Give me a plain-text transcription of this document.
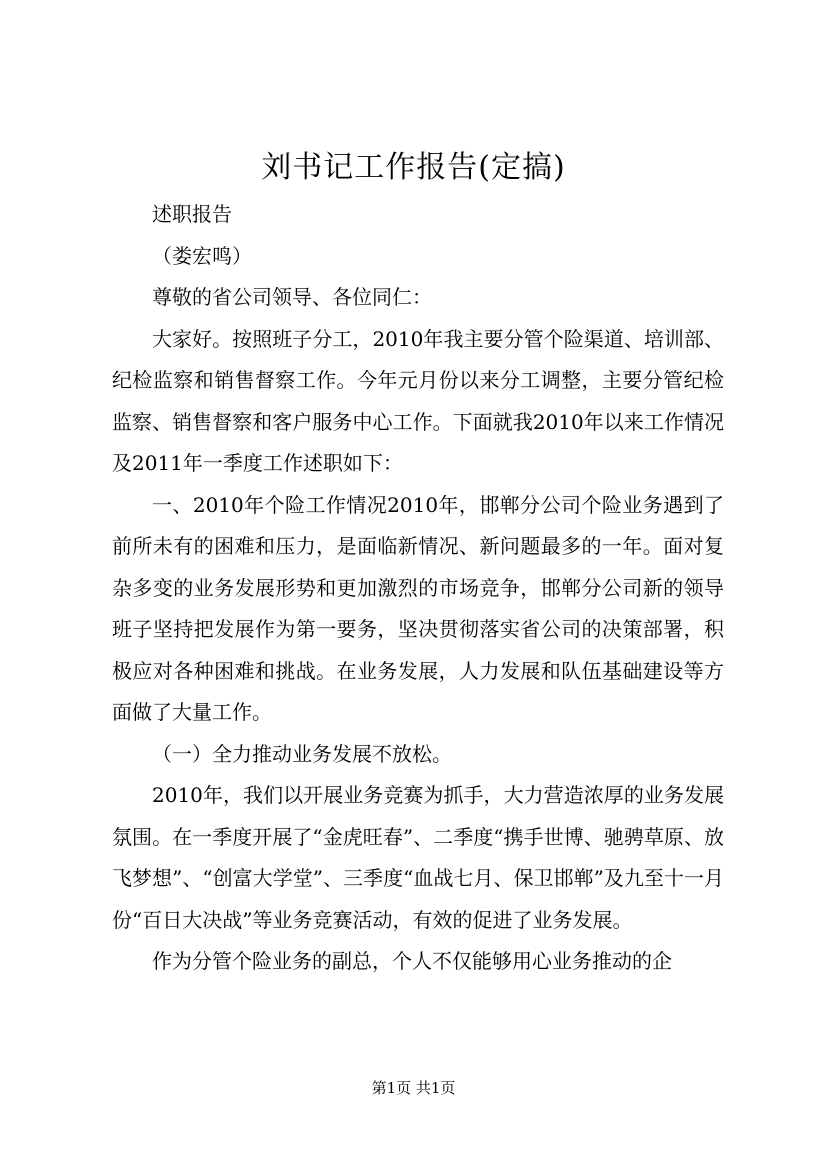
刘书记工作报告(定搞)

述职报告

（娄宏鸣）

尊敬的省公司领导、各位同仁：

大家好。按照班子分工，2010年我主要分管个险渠道、培训部、纪检监察和销售督察工作。今年元月份以来分工调整，主要分管纪检监察、销售督察和客户服务中心工作。下面就我2010年以来工作情况及2011年一季度工作述职如下：

一、2010年个险工作情况2010年，邯郸分公司个险业务遇到了前所未有的困难和压力，是面临新情况、新问题最多的一年。面对复杂多变的业务发展形势和更加激烈的市场竞争，邯郸分公司新的领导班子坚持把发展作为第一要务，坚决贯彻落实省公司的决策部署，积极应对各种困难和挑战。在业务发展，人力发展和队伍基础建设等方面做了大量工作。

（一）全力推动业务发展不放松。

2010年，我们以开展业务竞赛为抓手，大力营造浓厚的业务发展氛围。在一季度开展了“金虎旺春”、二季度“携手世博、驰骋草原、放飞梦想”、“创富大学堂”、三季度“血战七月、保卫邯郸”及九至十一月份“百日大决战”等业务竞赛活动，有效的促进了业务发展。

作为分管个险业务的副总，个人不仅能够用心业务推动的企

第1页 共1页
